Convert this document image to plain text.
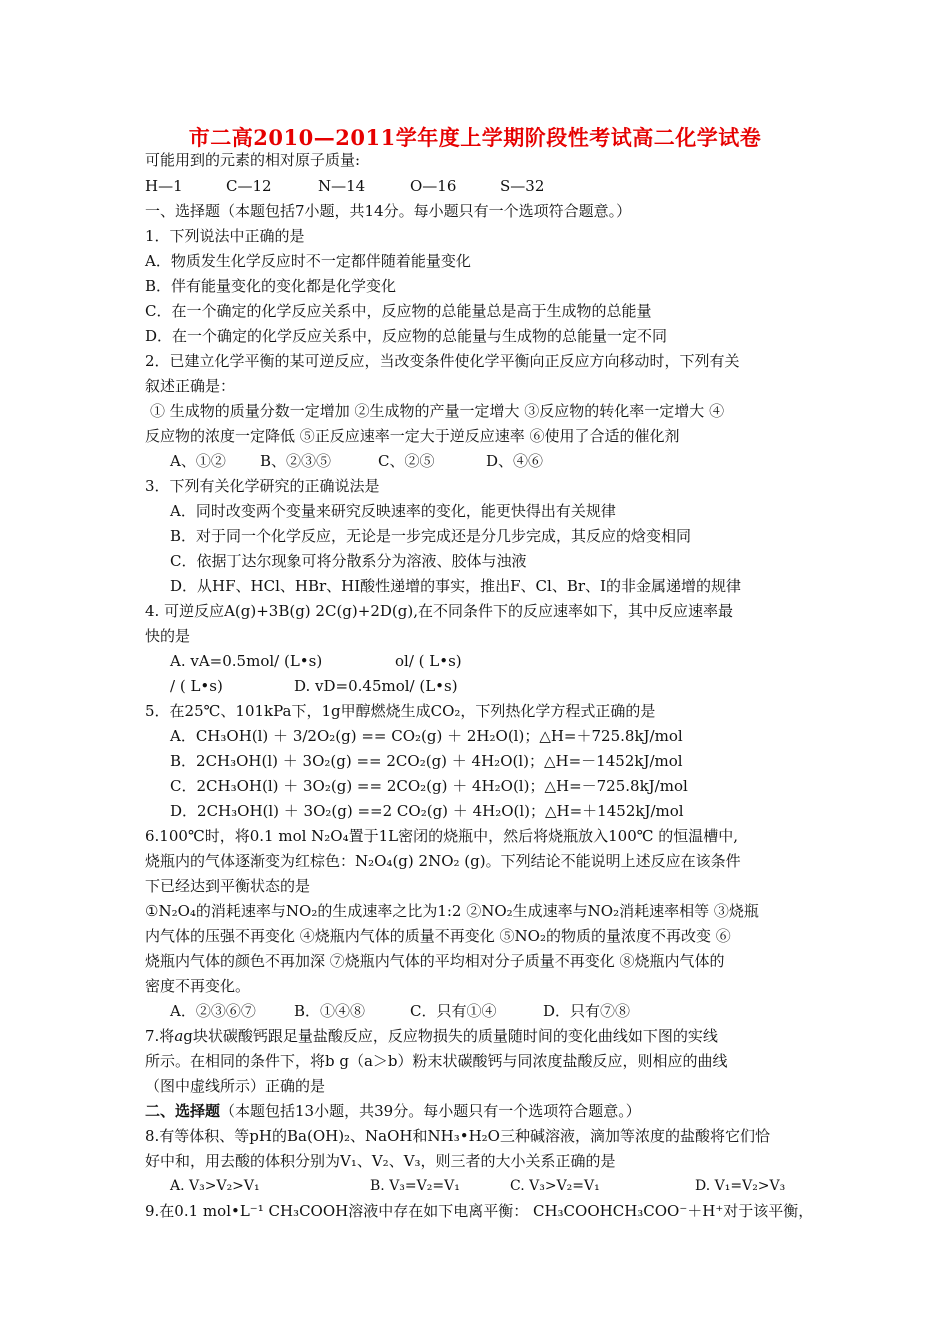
市二高2010—2011学年度上学期阶段性考试高二化学试卷
可能用到的元素的相对原子质量:
H—1	C—12	N—14	O—16	S—32
一、选择题（本题包括7小题，共14分。每小题只有一个选项符合题意。）
1．下列说法中正确的是
A．物质发生化学反应时不一定都伴随着能量变化
B．伴有能量变化的变化都是化学变化
C．在一个确定的化学反应关系中，反应物的总能量总是高于生成物的总能量
D．在一个确定的化学反应关系中，反应物的总能量与生成物的总能量一定不同
2．已建立化学平衡的某可逆反应，当改变条件使化学平衡向正反应方向移动时，下列有关
叙述正确是：
① 生成物的质量分数一定增加 ②生成物的产量一定增大 ③反应物的转化率一定增大 ④
反应物的浓度一定降低 ⑤正反应速率一定大于逆反应速率 ⑥使用了合适的催化剂
A、①② B、②③⑤	C、②⑤	D、④⑥
3．下列有关化学研究的正确说法是
A．同时改变两个变量来研究反映速率的变化，能更快得出有关规律
B．对于同一个化学反应，无论是一步完成还是分几步完成，其反应的焓变相同
C．依据丁达尔现象可将分散系分为溶液、胶体与浊液
D．从HF、HCl、HBr、HI酸性递增的事实，推出F、Cl、Br、I的非金属递增的规律
4. 可逆反应A(g)+3B(g) 2C(g)+2D(g),在不同条件下的反应速率如下，其中反应速率最
快的是
A. vA=0.5mol/ (L•s)	ol/ ( L•s)
/ ( L•s)	D. vD=0.45mol/ (L•s)
5．在25℃、101kPa下，1g甲醇燃烧生成CO₂，下列热化学方程式正确的是
A．CH₃OH(l) ＋ 3/2O₂(g) == CO₂(g) ＋ 2H₂O(l)；△H=＋725.8kJ/mol
B．2CH₃OH(l) ＋ 3O₂(g) == 2CO₂(g) ＋ 4H₂O(l)；△H=－1452kJ/mol
C．2CH₃OH(l) ＋ 3O₂(g) == 2CO₂(g) ＋ 4H₂O(l)；△H=－725.8kJ/mol
D．2CH₃OH(l) ＋ 3O₂(g) ==2 CO₂(g) ＋ 4H₂O(l)；△H=＋1452kJ/mol
6.100℃时，将0.1 mol N₂O₄置于1L密闭的烧瓶中，然后将烧瓶放入100℃ 的恒温槽中,
烧瓶内的气体逐渐变为红棕色：N₂O₄(g) 2NO₂ (g)。下列结论不能说明上述反应在该条件
下已经达到平衡状态的是
①N₂O₄的消耗速率与NO₂的生成速率之比为1:2 ②NO₂生成速率与NO₂消耗速率相等 ③烧瓶
内气体的压强不再变化 ④烧瓶内气体的质量不再变化 ⑤NO₂的物质的量浓度不再改变 ⑥
烧瓶内气体的颜色不再加深 ⑦烧瓶内气体的平均相对分子质量不再变化 ⑧烧瓶内气体的
密度不再变化。
A．②③⑥⑦	B．①④⑧	C．只有①④	D．只有⑦⑧
7.将ag块状碳酸钙跟足量盐酸反应，反应物损失的质量随时间的变化曲线如下图的实线
所示。在相同的条件下，将b g（a＞b）粉末状碳酸钙与同浓度盐酸反应，则相应的曲线
（图中虚线所示）正确的是
二、选择题（本题包括13小题，共39分。每小题只有一个选项符合题意。）
8.有等体积、等pH的Ba(OH)₂、NaOH和NH₃•H₂O三种碱溶液，滴加等浓度的盐酸将它们恰
好中和，用去酸的体积分别为V₁、V₂、V₃，则三者的大小关系正确的是
A. V₃>V₂>V₁	B. V₃=V₂=V₁	C. V₃>V₂=V₁	D. V₁=V₂>V₃
9.在0.1 mol•L⁻¹ CH₃COOH溶液中存在如下电离平衡： CH₃COOHCH₃COO⁻＋H⁺对于该平衡，
